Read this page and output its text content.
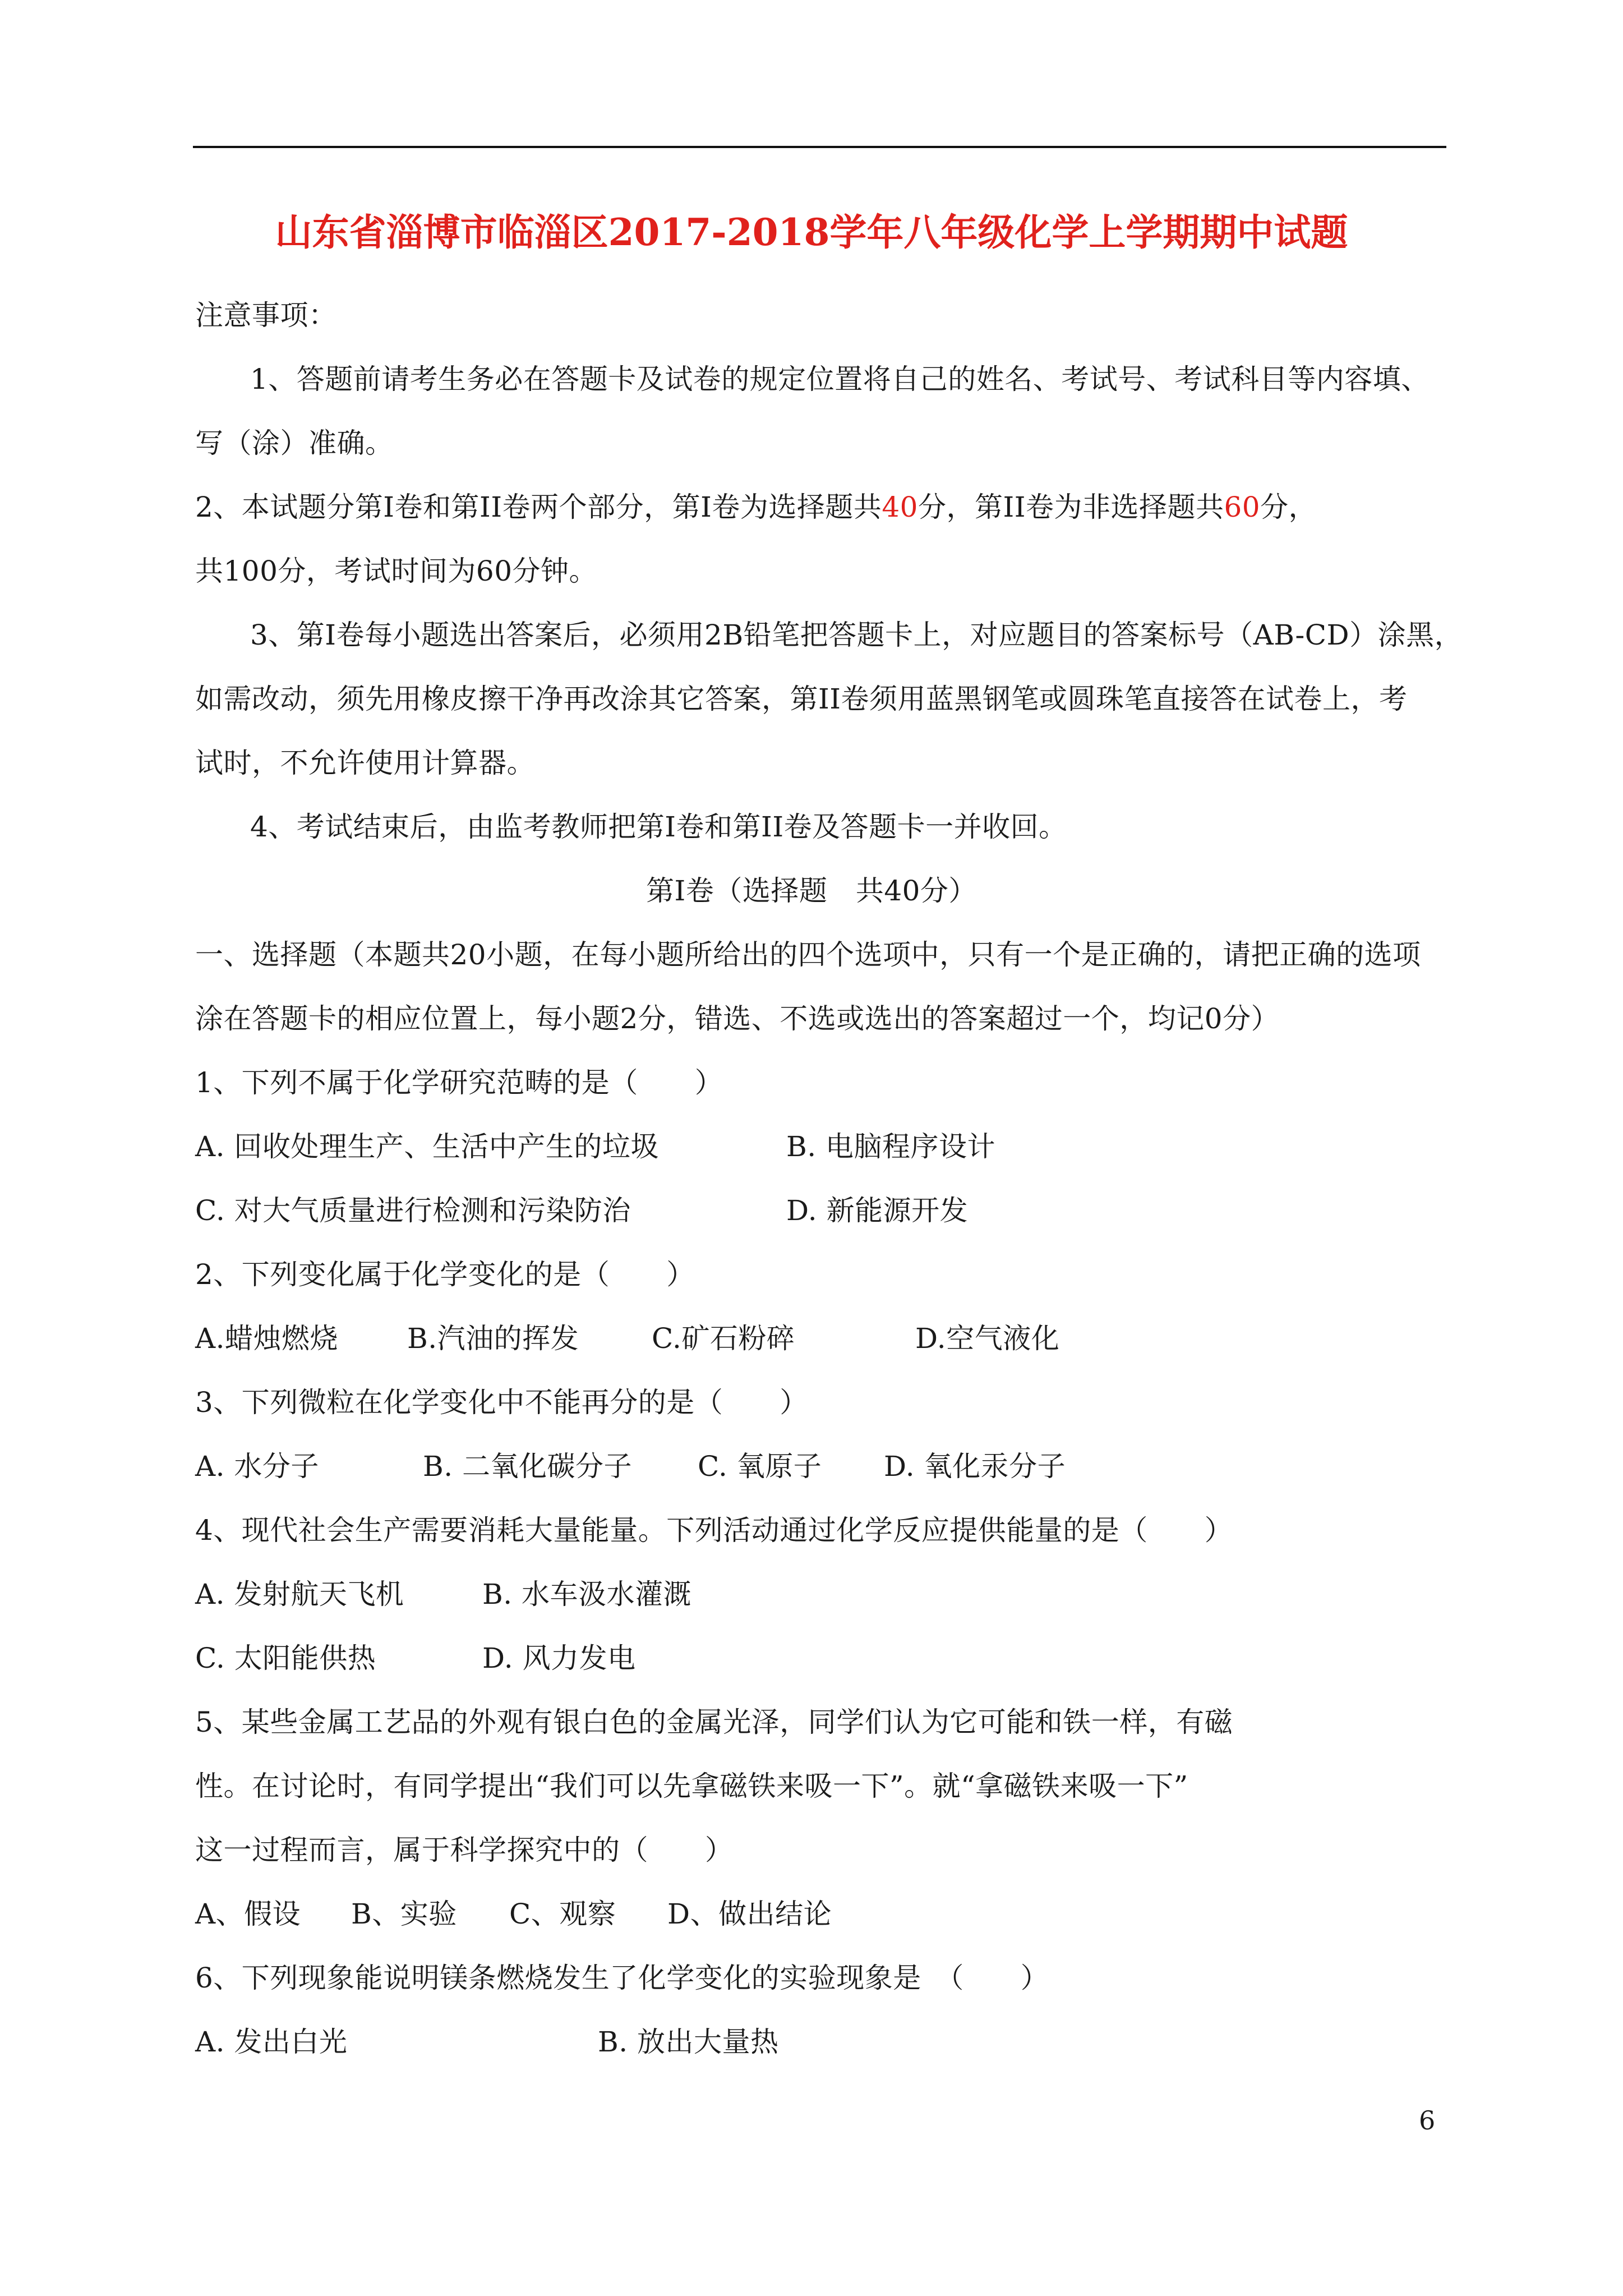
山东省淄博市临淄区2017-2018学年八年级化学上学期期中试题
注意事项：
1、答题前请考生务必在答题卡及试卷的规定位置将自己的姓名、考试号、考试科目等内容填、
写（涂）准确。
2、本试题分第I卷和第II卷两个部分，第I卷为选择题共40分，第II卷为非选择题共60分，
共100分，考试时间为60分钟。
3、第I卷每小题选出答案后，必须用2B铅笔把答题卡上，对应题目的答案标号（AB-CD）涂黑，
如需改动，须先用橡皮擦干净再改涂其它答案，第II卷须用蓝黑钢笔或圆珠笔直接答在试卷上，考
试时，不允许使用计算器。
4、考试结束后，由监考教师把第I卷和第II卷及答题卡一并收回。
第I卷（选择题　共40分）
一、选择题（本题共20小题，在每小题所给出的四个选项中，只有一个是正确的，请把正确的选项
涂在答题卡的相应位置上，每小题2分，错选、不选或选出的答案超过一个，均记0分）
1、下列不属于化学研究范畴的是（　　）
A. 回收处理生产、生活中产生的垃圾	B. 电脑程序设计
C. 对大气质量进行检测和污染防治	D. 新能源开发
2、下列变化属于化学变化的是（　　）
A.蜡烛燃烧 B.汽油的挥发	C.矿石粉碎	D.空气液化
3、下列微粒在化学变化中不能再分的是（　　）
A. 水分子	B. 二氧化碳分子 C. 氧原子 D. 氧化汞分子
4、现代社会生产需要消耗大量能量。下列活动通过化学反应提供能量的是（　　）
A. 发射航天飞机	B. 水车汲水灌溉
C. 太阳能供热	D. 风力发电
5、某些金属工艺品的外观有银白色的金属光泽，同学们认为它可能和铁一样，有磁
性。在讨论时，有同学提出“我们可以先拿磁铁来吸一下”。就“拿磁铁来吸一下”
这一过程而言，属于科学探究中的（　　）
A、假设 B、实验 C、观察 D、做出结论
6、下列现象能说明镁条燃烧发生了化学变化的实验现象是　（　　）
A. 发出白光	B. 放出大量热
6
